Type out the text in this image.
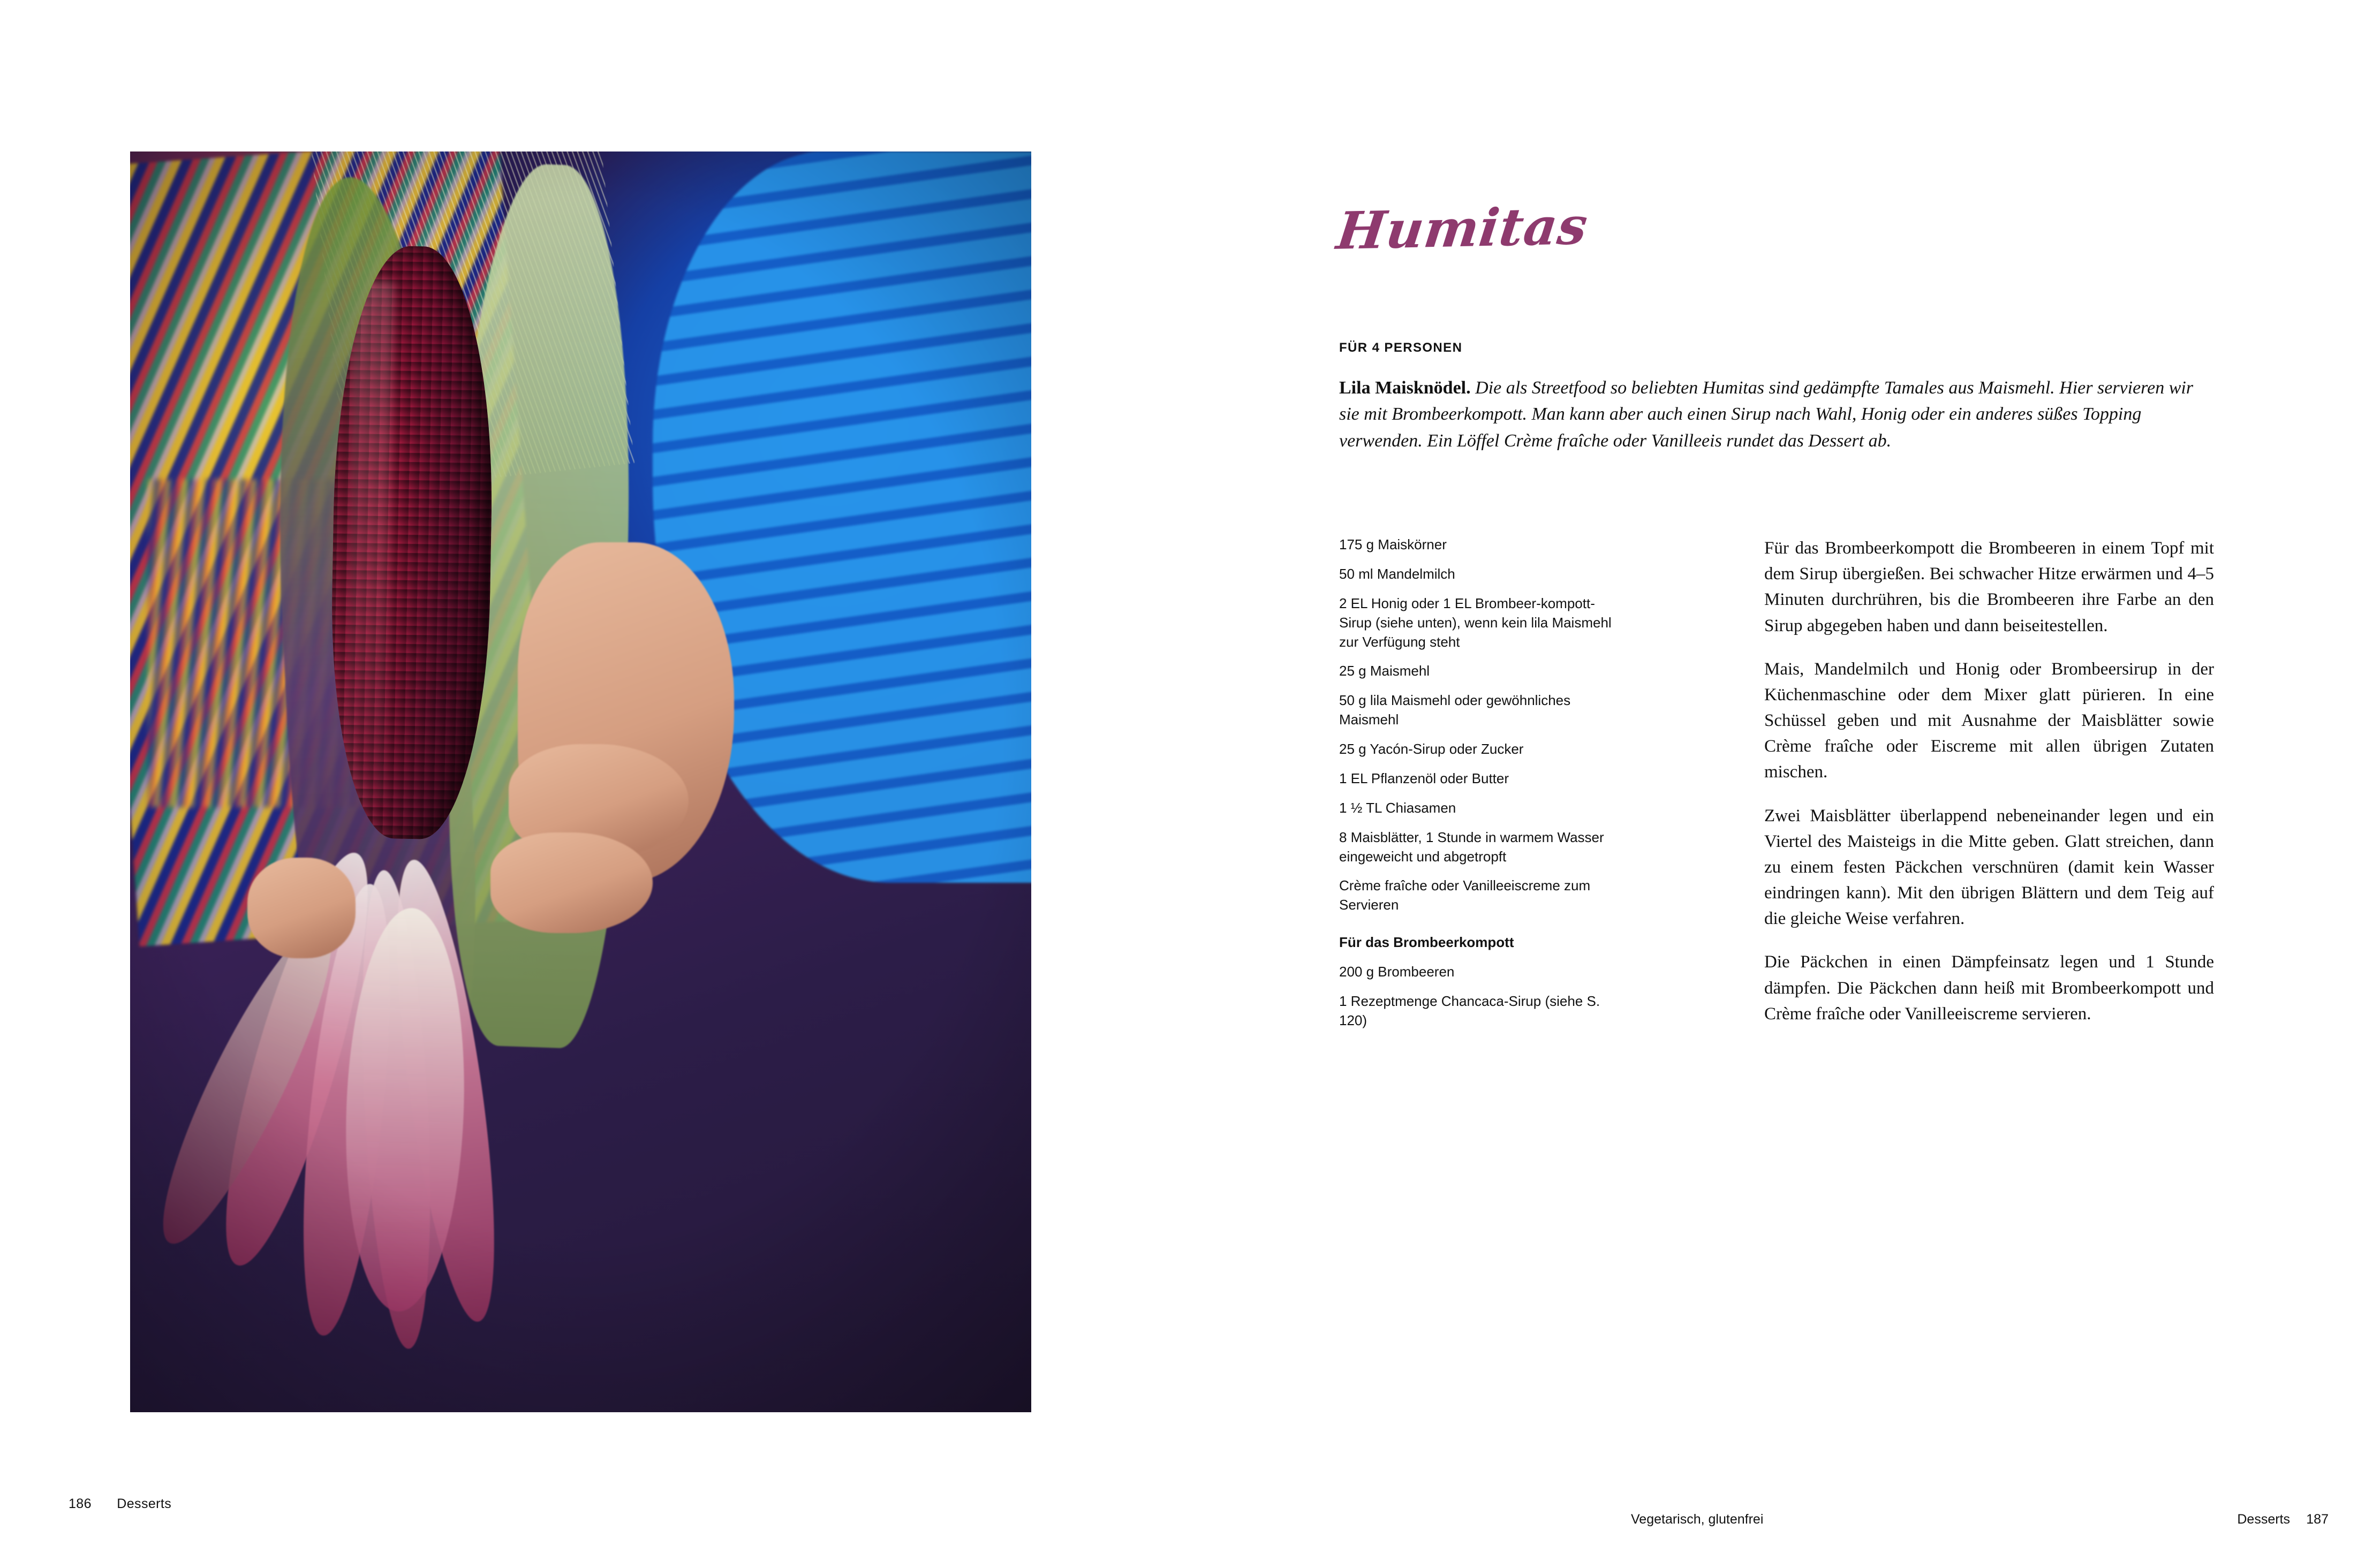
186 Desserts
Humitas
FÜR 4 PERSONEN
Lila Maisknödel. Die als Streetfood so beliebten Humitas sind gedämpfte Tamales aus Maismehl. Hier servieren wir sie mit Brombeerkompott. Man kann aber auch einen Sirup nach Wahl, Honig oder ein anderes süßes Topping verwenden. Ein Löffel Crème fraîche oder Vanilleeis rundet das Dessert ab.
175 g Maiskörner
50 ml Mandelmilch
2 EL Honig oder 1 EL Brombeer-kompott-Sirup (siehe unten), wenn kein lila Maismehl zur Verfügung steht
25 g Maismehl
50 g lila Maismehl oder gewöhnliches Maismehl
25 g Yacón-Sirup oder Zucker
1 EL Pflanzenöl oder Butter
1 ½ TL Chiasamen
8 Maisblätter, 1 Stunde in warmem Wasser eingeweicht und abgetropft
Crème fraîche oder Vanilleeiscreme zum Servieren
Für das Brombeerkompott
200 g Brombeeren
1 Rezeptmenge Chancaca-Sirup (siehe S. 120)

Für das Brombeerkompott die Brombeeren in einem Topf mit dem Sirup übergießen. Bei schwacher Hitze erwärmen und 4–5 Minuten durchrühren, bis die Brombeeren ihre Farbe an den Sirup abgegeben haben und dann beiseitestellen.

Mais, Mandelmilch und Honig oder Brombeersirup in der Küchenmaschine oder dem Mixer glatt pürieren. In eine Schüssel geben und mit Ausnahme der Maisblätter sowie Crème fraîche oder Eiscreme mit allen übrigen Zutaten mischen.

Zwei Maisblätter überlappend nebeneinander legen und ein Viertel des Maisteigs in die Mitte geben. Glatt streichen, dann zu einem festen Päckchen verschnüren (damit kein Wasser eindringen kann). Mit den übrigen Blättern und dem Teig auf die gleiche Weise verfahren.

Die Päckchen in einen Dämpfeinsatz legen und 1 Stunde dämpfen. Die Päckchen dann heiß mit Brombeerkompott und Crème fraîche oder Vanilleeiscreme servieren.

Vegetarisch, glutenfrei	Desserts 187
